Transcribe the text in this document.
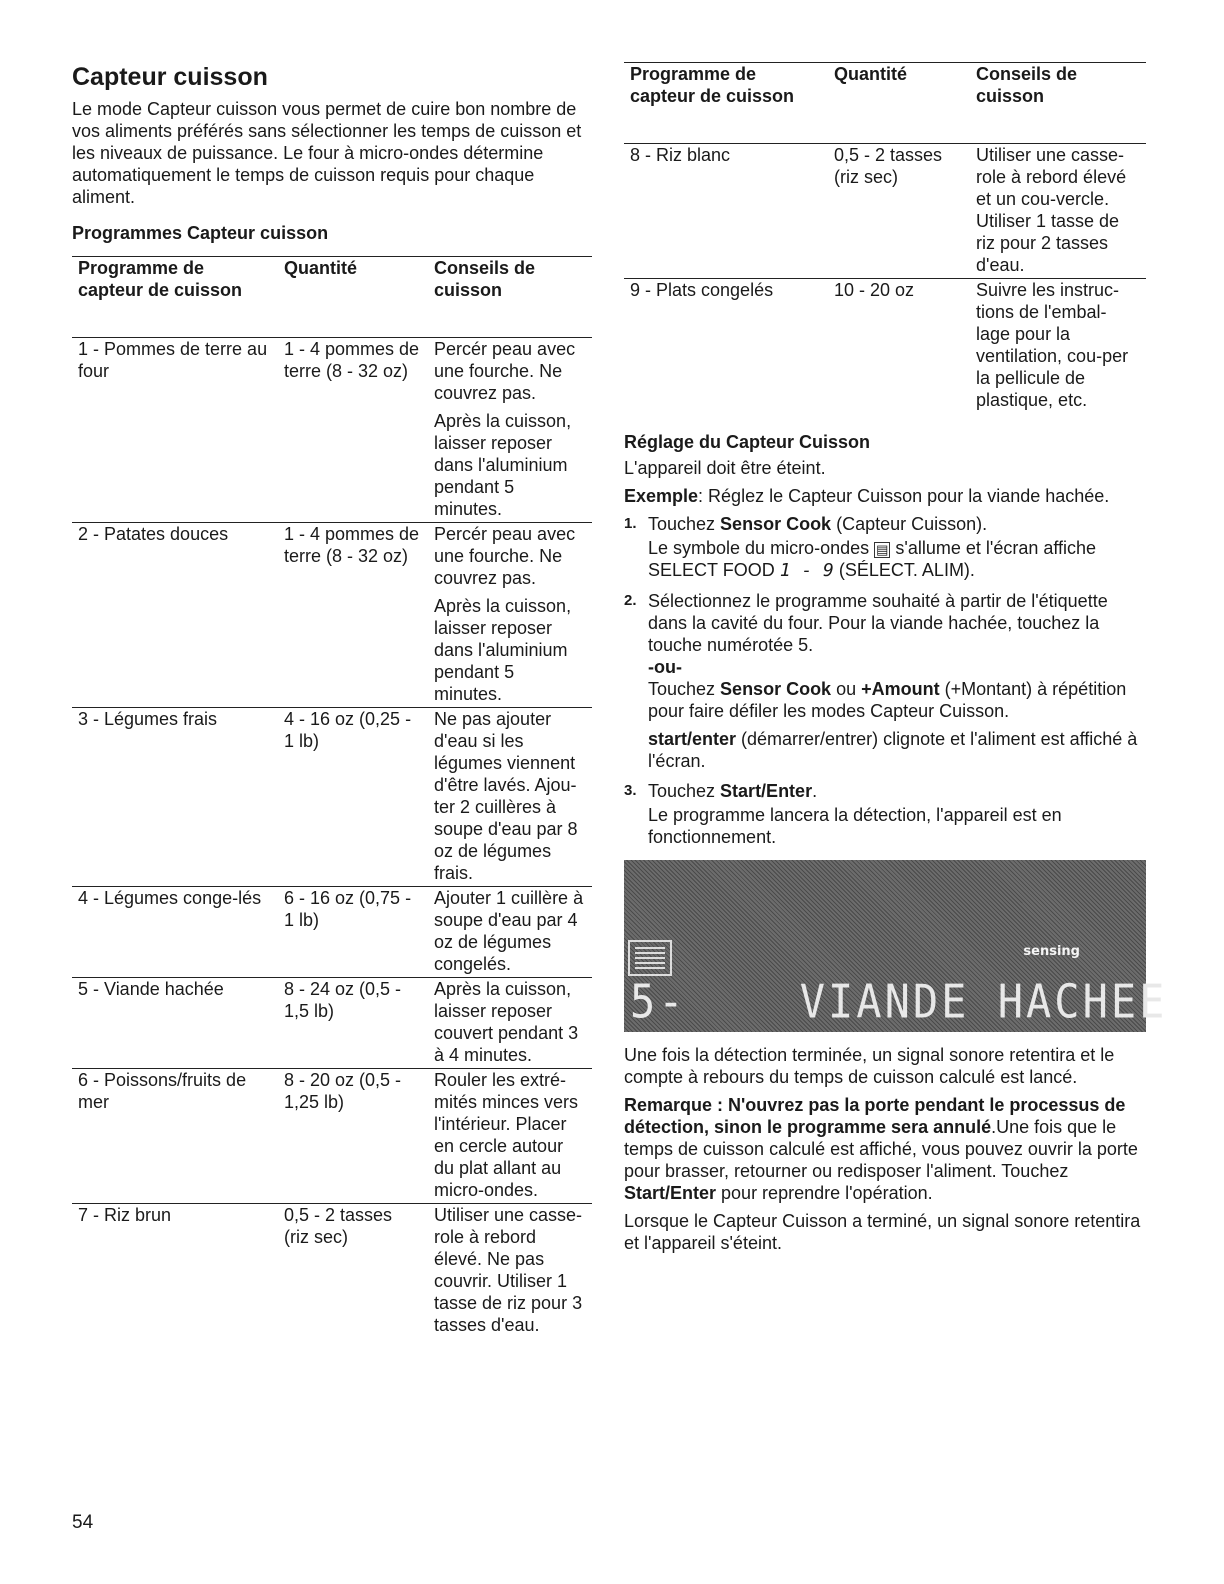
Capteur cuisson

Le mode Capteur cuisson vous permet de cuire bon nombre de vos aliments préférés sans sélectionner les temps de cuisson et les niveaux de puissance. Le four à micro-ondes détermine automatiquement le temps de cuisson requis pour chaque aliment.

Programmes Capteur cuisson
Programme de capteur de cuisson	Quantité	Conseils de cuisson
1 - Pommes de terre au four	1 - 4 pommes de terre (8 - 32 oz)	Percér peau avec une fourche. Ne couvrez pas.

Après la cuisson, laisser reposer dans l'aluminium pendant 5 minutes.

2 - Patates douces	1 - 4 pommes de terre (8 - 32 oz)	Percér peau avec une fourche. Ne couvrez pas.

Après la cuisson, laisser reposer dans l'aluminium pendant 5 minutes.

3 - Légumes frais	4 - 16 oz (0,25 - 1 lb)	Ne pas ajouter d'eau si les légumes viennent d'être lavés. Ajou-ter 2 cuillères à soupe d'eau par 8 oz de légumes frais.
4 - Légumes conge-lés	6 - 16 oz (0,75 - 1 lb)	Ajouter 1 cuillère à soupe d'eau par 4 oz de légumes congelés.
5 - Viande hachée	8 - 24 oz (0,5 - 1,5 lb)	Après la cuisson, laisser reposer couvert pendant 3 à 4 minutes.
6 - Poissons/fruits de mer	8 - 20 oz (0,5 - 1,25 lb)	Rouler les extré-mités minces vers l'intérieur. Placer en cercle autour du plat allant au micro-ondes.
7 - Riz brun	0,5 - 2 tasses (riz sec)	Utiliser une casse-role à rebord élevé. Ne pas couvrir. Utiliser 1 tasse de riz pour 3 tasses d'eau.
Programme de capteur de cuisson	Quantité	Conseils de cuisson
8 - Riz blanc	0,5 - 2 tasses (riz sec)	Utiliser une casse-role à rebord élevé et un cou-vercle. Utiliser 1 tasse de riz pour 2 tasses d'eau.
9 - Plats congelés	10 - 20 oz	Suivre les instruc-tions de l'embal-lage pour la ventilation, cou-per la pellicule de plastique, etc.
Réglage du Capteur Cuisson

L'appareil doit être éteint.

Exemple: Réglez le Capteur Cuisson pour la viande hachée.

1. Touchez Sensor Cook (Capteur Cuisson).
Le symbole du micro-ondes ▤ s'allume et l'écran affiche SELECT FOOD 1 - 9 (SÉLECT. ALIM).
2. Sélectionnez le programme souhaité à partir de l'étiquette dans la cavité du four. Pour la viande hachée, touchez la touche numérotée 5.
-ou-
Touchez Sensor Cook ou +Amount (+Montant) à répétition pour faire défiler les modes Capteur Cuisson.
start/enter (démarrer/entrer) clignote et l'aliment est affiché à l'écran.
3. Touchez Start/Enter.
Le programme lancera la détection, l'appareil est en fonctionnement.
sensing
5-    VIANDE HACHEE

Une fois la détection terminée, un signal sonore retentira et le compte à rebours du temps de cuisson calculé est lancé.

Remarque : N'ouvrez pas la porte pendant le processus de détection, sinon le programme sera annulé.Une fois que le temps de cuisson calculé est affiché, vous pouvez ouvrir la porte pour brasser, retourner ou redisposer l'aliment. Touchez Start/Enter pour reprendre l'opération.

Lorsque le Capteur Cuisson a terminé, un signal sonore retentira et l'appareil s'éteint.

54
